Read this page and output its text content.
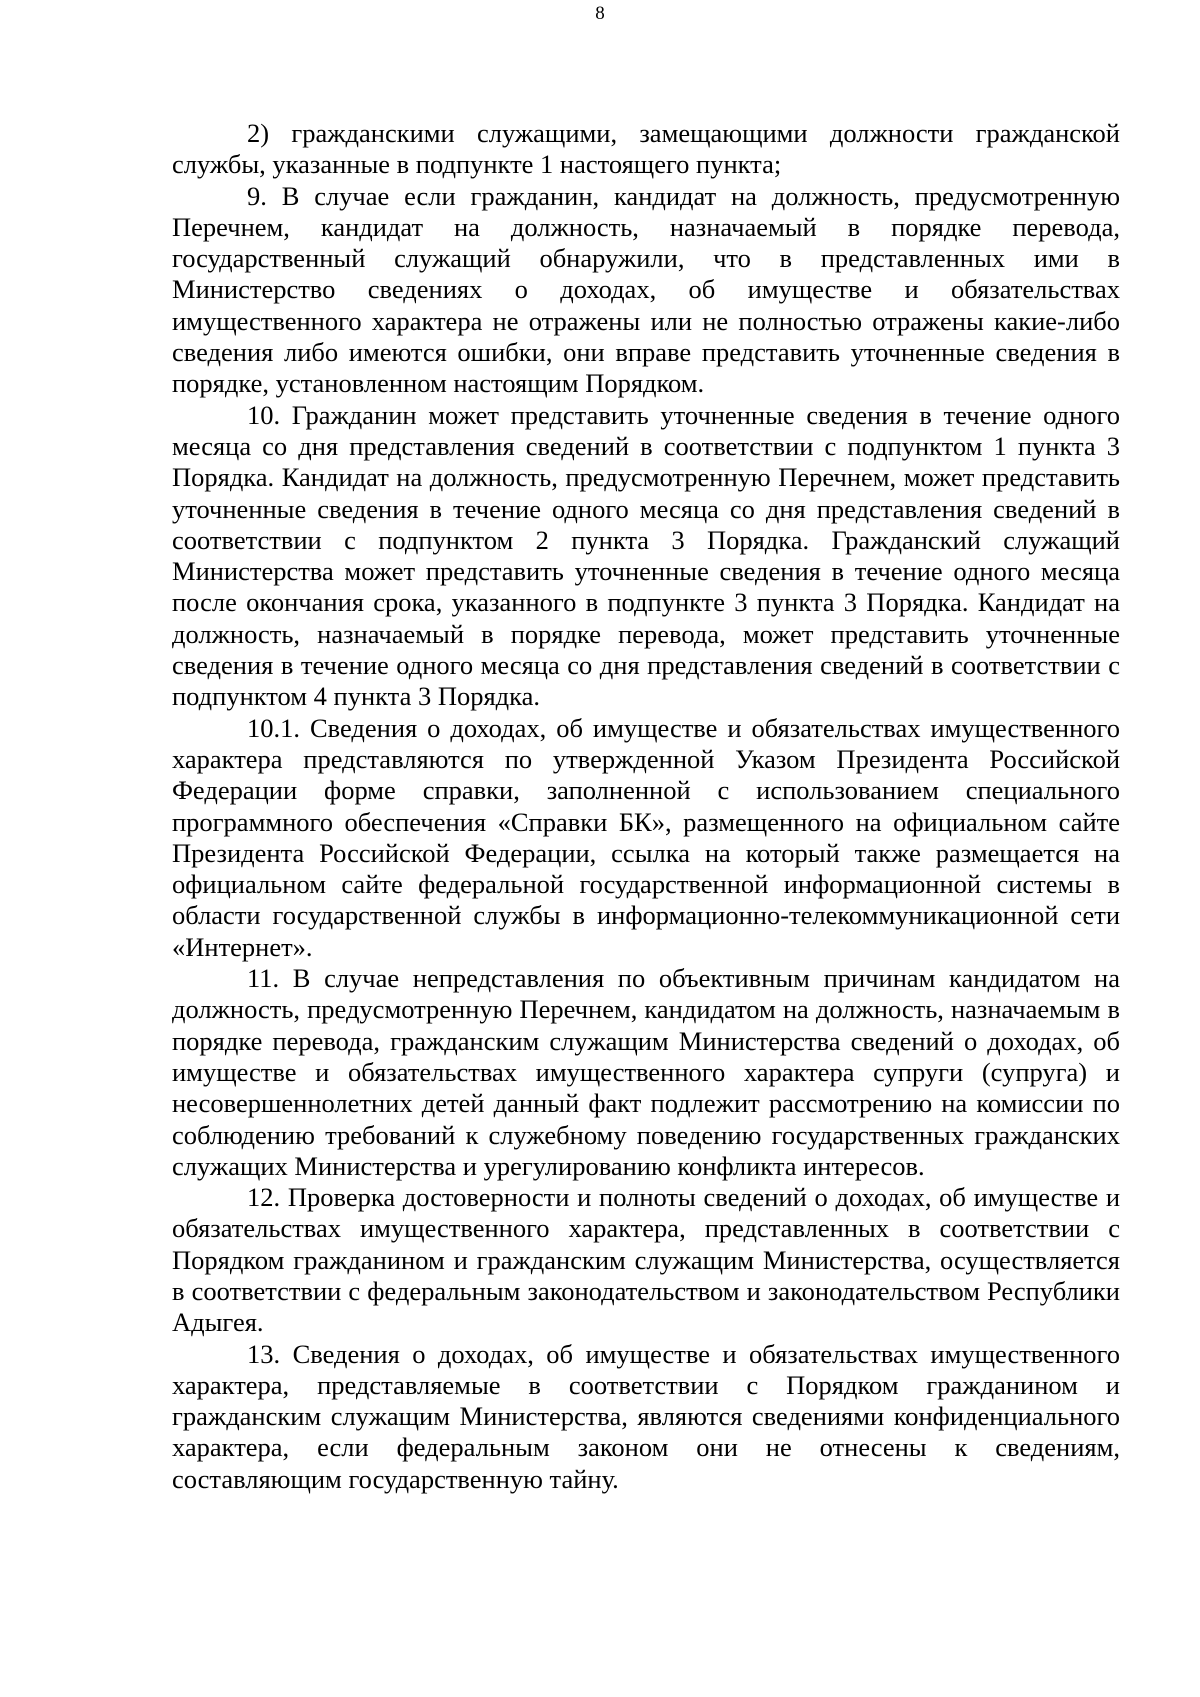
8

2) гражданскими служащими, замещающими должности гражданской службы, указанные в подпункте 1 настоящего пункта;

9. В случае если гражданин, кандидат на должность, предусмотренную Перечнем, кандидат на должность, назначаемый в порядке перевода, государственный служащий обнаружили, что в представленных ими в Министерство сведениях о доходах, об имуществе и обязательствах имущественного характера не отражены или не полностью отражены какие-либо сведения либо имеются ошибки, они вправе представить уточненные сведения в порядке, установленном настоящим Порядком.

10. Гражданин может представить уточненные сведения в течение одного месяца со дня представления сведений в соответствии с подпунктом 1 пункта 3 Порядка. Кандидат на должность, предусмотренную Перечнем, может представить уточненные сведения в течение одного месяца со дня представления сведений в соответствии с подпунктом 2 пункта 3 Порядка. Гражданский служащий Министерства может представить уточненные сведения в течение одного месяца после окончания срока, указанного в подпункте 3 пункта 3 Порядка. Кандидат на должность, назначаемый в порядке перевода, может представить уточненные сведения в течение одного месяца со дня представления сведений в соответствии с подпунктом 4 пункта 3 Порядка.

10.1. Сведения о доходах, об имуществе и обязательствах имущественного характера представляются по утвержденной Указом Президента Российской Федерации форме справки, заполненной с использованием специального программного обеспечения «Справки БК», размещенного на официальном сайте Президента Российской Федерации, ссылка на который также размещается на официальном сайте федеральной государственной информационной системы в области государственной службы в информационно-телекоммуникационной сети «Интернет».

11. В случае непредставления по объективным причинам кандидатом на должность, предусмотренную Перечнем, кандидатом на должность, назначаемым в порядке перевода, гражданским служащим Министерства сведений о доходах, об имуществе и обязательствах имущественного характера супруги (супруга) и несовершеннолетних детей данный факт подлежит рассмотрению на комиссии по соблюдению требований к служебному поведению государственных гражданских служащих Министерства и урегулированию конфликта интересов.

12. Проверка достоверности и полноты сведений о доходах, об имуществе и обязательствах имущественного характера, представленных в соответствии с Порядком гражданином и гражданским служащим Министерства, осуществляется в соответствии с федеральным законодательством и законодательством Республики Адыгея.

13. Сведения о доходах, об имуществе и обязательствах имущественного характера, представляемые в соответствии с Порядком гражданином и гражданским служащим Министерства, являются сведениями конфиденциального характера, если федеральным законом они не отнесены к сведениям, составляющим государственную тайну.
